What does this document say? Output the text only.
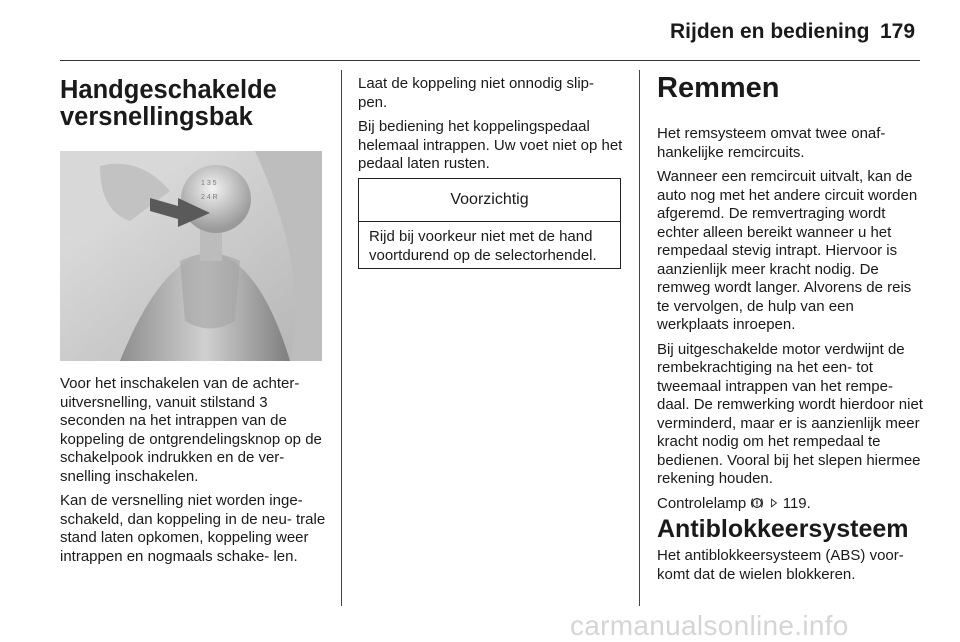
Rijden en bediening 179
Handgeschakelde versnellingsbak
1 3 5
2 4 R

Voor het inschakelen van de achter- uitversnelling, vanuit stilstand 3 seconden na het intrappen van de koppeling de ontgrendelingsknop op de schakelpook indrukken en de ver- snelling inschakelen.

Kan de versnelling niet worden inge- schakeld, dan koppeling in de neu- trale stand laten opkomen, koppeling weer intrappen en nogmaals schake- len.

Laat de koppeling niet onnodig slip- pen.

Bij bediening het koppelingspedaal helemaal intrappen. Uw voet niet op het pedaal laten rusten.

Voorzichtig
Rijd bij voorkeur niet met de hand voortdurend op de selectorhendel.
Remmen

Het remsysteem omvat twee onaf- hankelijke remcircuits.

Wanneer een remcircuit uitvalt, kan de auto nog met het andere circuit worden afgeremd. De remvertraging wordt echter alleen bereikt wanneer u het rempedaal stevig intrapt. Hiervoor is aanzienlijk meer kracht nodig. De remweg wordt langer. Alvorens de reis te vervolgen, de hulp van een werkplaats inroepen.

Bij uitgeschakelde motor verdwijnt de rembekrachtiging na het een- tot tweemaal intrappen van het rempe- daal. De remwerking wordt hierdoor niet verminderd, maar er is aanzienlijk meer kracht nodig om het rempedaal te bedienen. Vooral bij het slepen hiermee rekening houden.

Controlelamp 119.

Antiblokkeersysteem

Het antiblokkeersysteem (ABS) voor- komt dat de wielen blokkeren.

carmanualsonline.info
